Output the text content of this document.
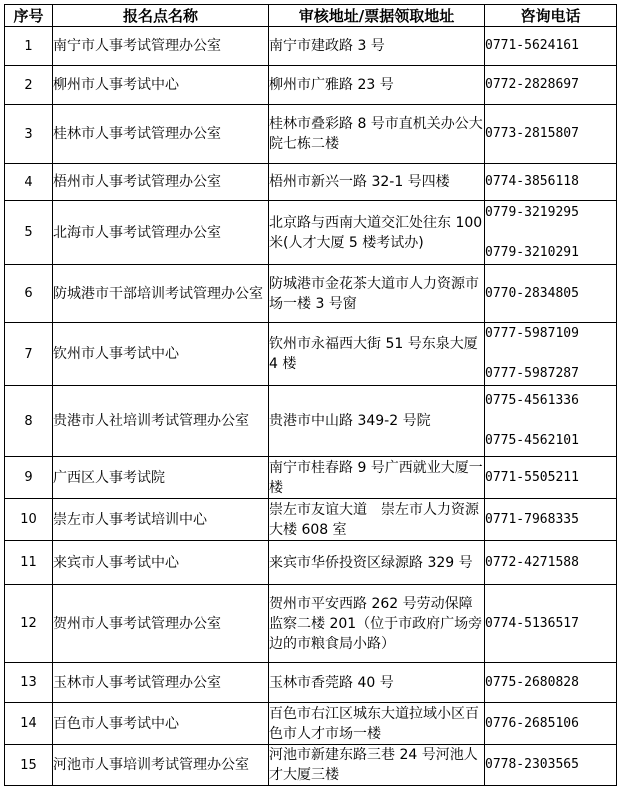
序号	报名点名称	审核地址/票据领取地址	咨询电话
1	南宁市人事考试管理办公室	南宁市建政路 3 号	0771-5624161

2	柳州市人事考试中心	柳州市广雅路 23 号	0772-2828697

3	桂林市人事考试管理办公室	桂林市叠彩路 8 号市直机关办公大院七栋二楼	0773-2815807

4	梧州市人事考试管理办公室	梧州市新兴一路 32-1 号四楼	0774-3856118

5	北海市人事考试管理办公室	北京路与西南大道交汇处往东 100 米(人才大厦 5 楼考试办)	0779-3219295
0779-3210291

6	防城港市干部培训考试管理办公室	防城港市金花茶大道市人力资源市场一楼 3 号窗	0770-2834805

7	钦州市人事考试中心	钦州市永福西大街 51 号东泉大厦 4 楼	0777-5987109
0777-5987287

8	贵港市人社培训考试管理办公室	贵港市中山路 349-2 号院	0775-4561336
0775-4562101

9	广西区人事考试院	南宁市桂春路 9 号广西就业大厦一楼	0771-5505211

10	崇左市人事考试培训中心	崇左市友谊大道　崇左市人力资源大楼 608 室	0771-7968335

11	来宾市人事考试中心	来宾市华侨投资区绿源路 329 号	0772-4271588

12	贺州市人事考试管理办公室	贺州市平安西路 262 号劳动保障监察二楼 201（位于市政府广场旁边的市粮食局小路）	0774-5136517

13	玉林市人事考试管理办公室	玉林市香莞路 40 号	0775-2680828

14	百色市人事考试中心	百色市右江区城东大道拉域小区百色市人才市场一楼	0776-2685106

15	河池市人事培训考试管理办公室	河池市新建东路三巷 24 号河池人才大厦三楼	0778-2303565
